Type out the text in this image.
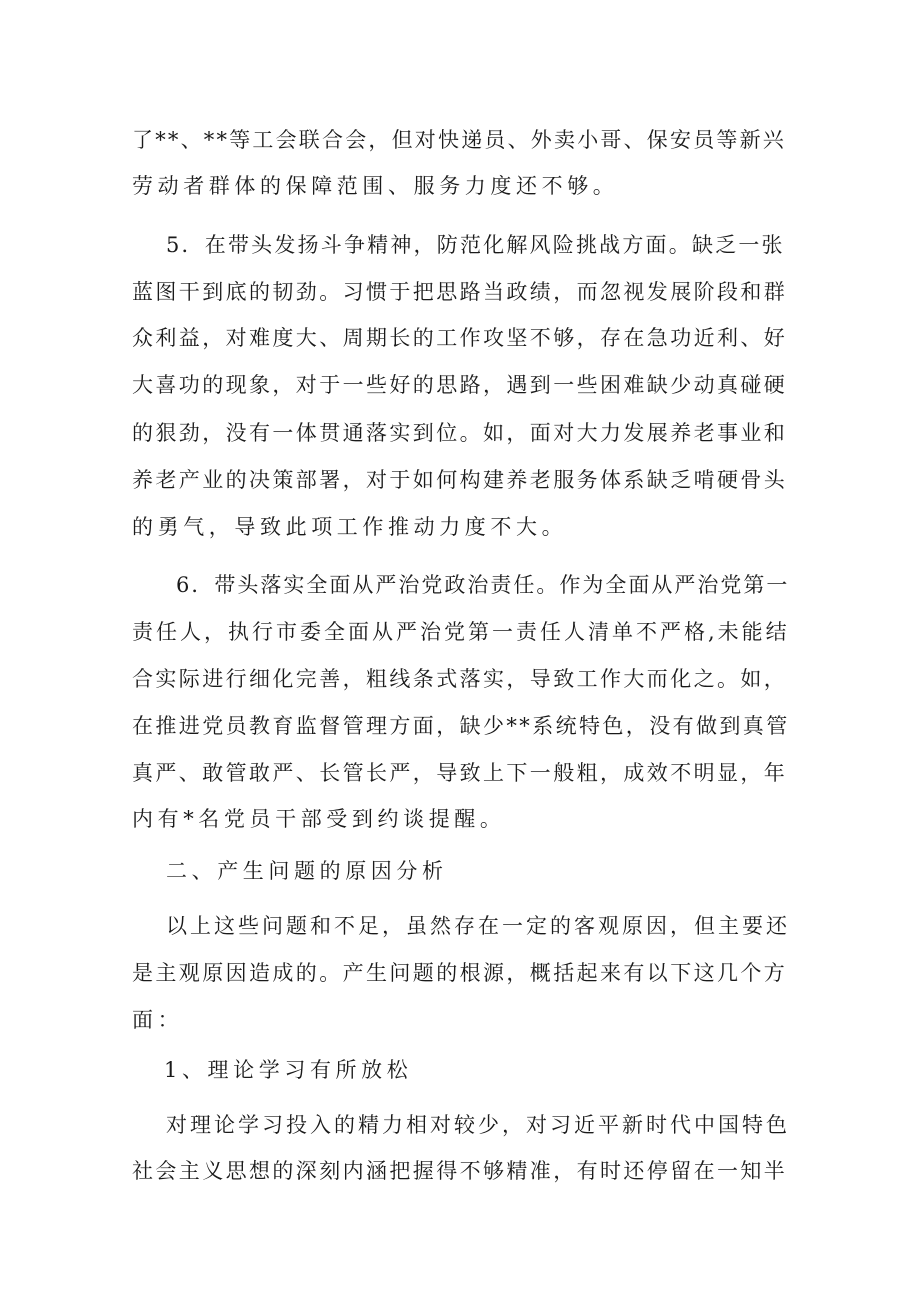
了**、**等工会联合会，但对快递员、外卖小哥、保安员等新兴

劳动者群体的保障范围、服务力度还不够。

5．在带头发扬斗争精神，防范化解风险挑战方面。缺乏一张

蓝图干到底的韧劲。习惯于把思路当政绩，而忽视发展阶段和群

众利益，对难度大、周期长的工作攻坚不够，存在急功近利、好

大喜功的现象，对于一些好的思路，遇到一些困难缺少动真碰硬

的狠劲，没有一体贯通落实到位。如，面对大力发展养老事业和

养老产业的决策部署，对于如何构建养老服务体系缺乏啃硬骨头

的勇气，导致此项工作推动力度不大。

6．带头落实全面从严治党政治责任。作为全面从严治党第一

责任人，执行市委全面从严治党第一责任人清单不严格,未能结

合实际进行细化完善，粗线条式落实，导致工作大而化之。如，

在推进党员教育监督管理方面，缺少**系统特色，没有做到真管

真严、敢管敢严、长管长严，导致上下一般粗，成效不明显，年

内有*名党员干部受到约谈提醒。

二、产生问题的原因分析

以上这些问题和不足，虽然存在一定的客观原因，但主要还

是主观原因造成的。产生问题的根源，概括起来有以下这几个方

面：

1、理论学习有所放松

对理论学习投入的精力相对较少，对习近平新时代中国特色

社会主义思想的深刻内涵把握得不够精准，有时还停留在一知半
